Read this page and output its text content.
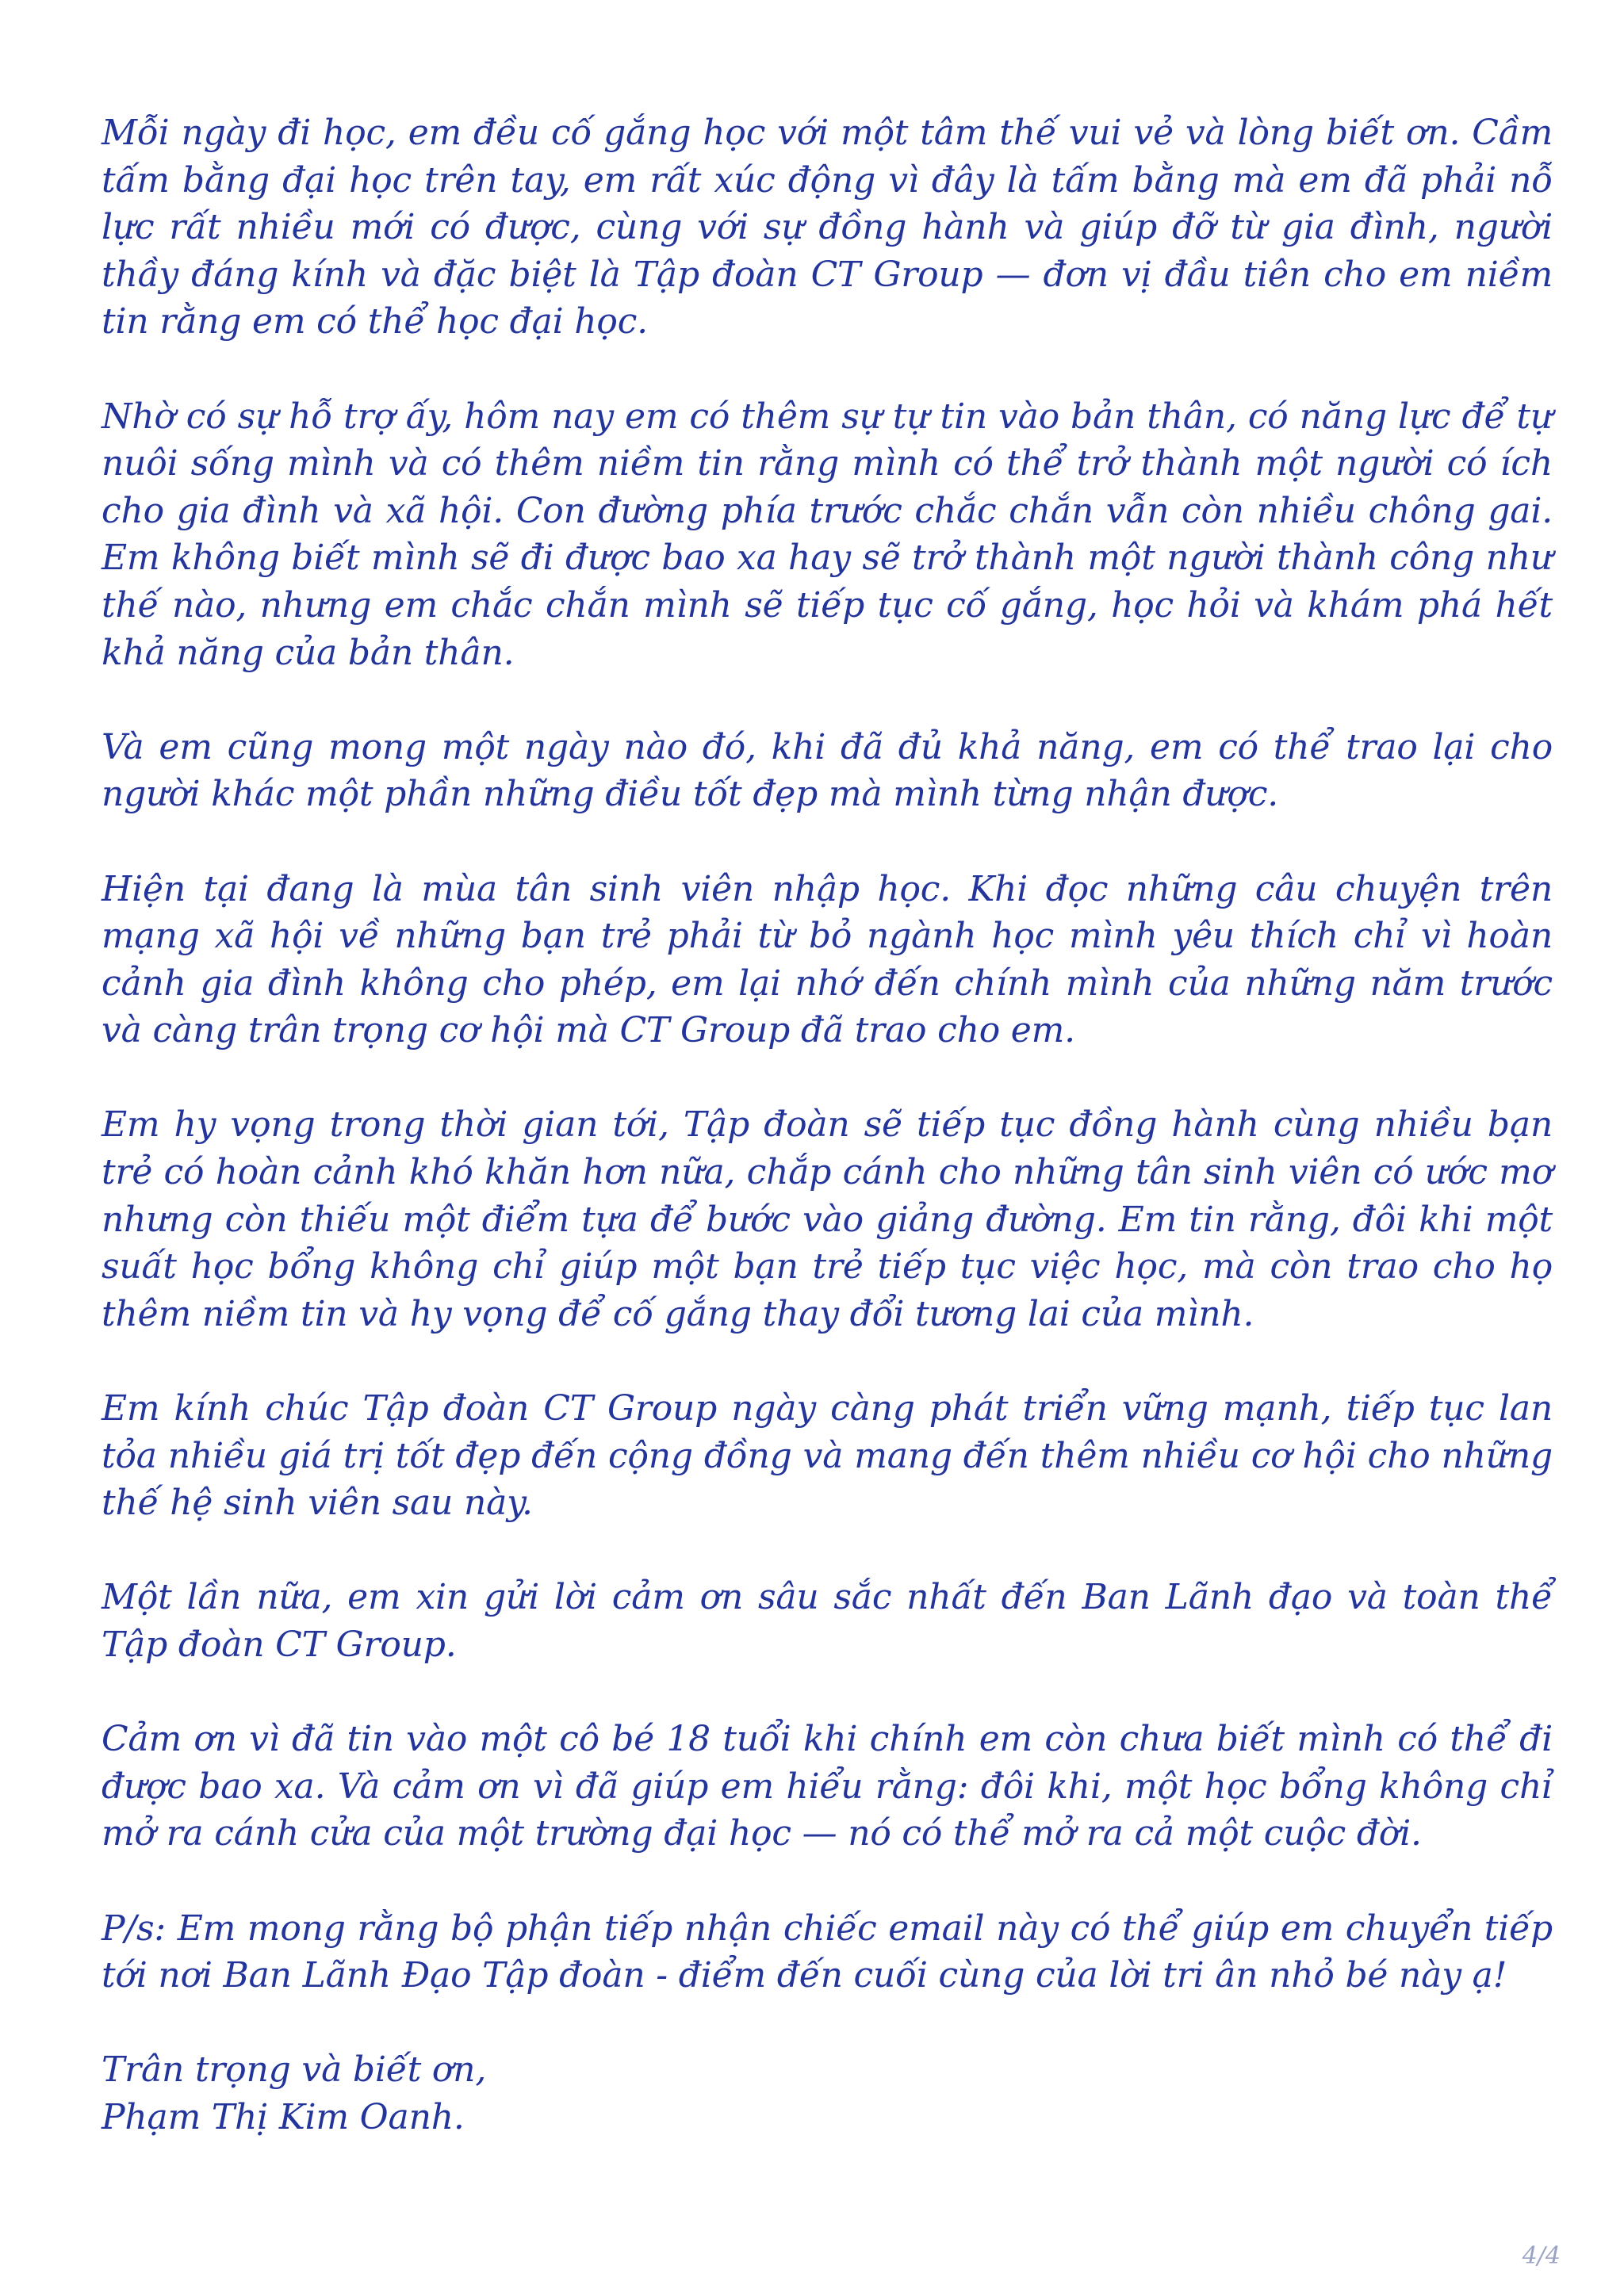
Mỗi ngày đi học, em đều cố gắng học với một tâm thế vui vẻ và lòng biết ơn. Cầm tấm bằng đại học trên tay, em rất xúc động vì đây là tấm bằng mà em đã phải nỗ lực rất nhiều mới có được, cùng với sự đồng hành và giúp đỡ từ gia đình, người thầy đáng kính và đặc biệt là Tập đoàn CT Group — đơn vị đầu tiên cho em niềm tin rằng em có thể học đại học.

Nhờ có sự hỗ trợ ấy, hôm nay em có thêm sự tự tin vào bản thân, có năng lực để tự nuôi sống mình và có thêm niềm tin rằng mình có thể trở thành một người có ích cho gia đình và xã hội. Con đường phía trước chắc chắn vẫn còn nhiều chông gai. Em không biết mình sẽ đi được bao xa hay sẽ trở thành một người thành công như thế nào, nhưng em chắc chắn mình sẽ tiếp tục cố gắng, học hỏi và khám phá hết khả năng của bản thân.

Và em cũng mong một ngày nào đó, khi đã đủ khả năng, em có thể trao lại cho người khác một phần những điều tốt đẹp mà mình từng nhận được.

Hiện tại đang là mùa tân sinh viên nhập học. Khi đọc những câu chuyện trên mạng xã hội về những bạn trẻ phải từ bỏ ngành học mình yêu thích chỉ vì hoàn cảnh gia đình không cho phép, em lại nhớ đến chính mình của những năm trước và càng trân trọng cơ hội mà CT Group đã trao cho em.

Em hy vọng trong thời gian tới, Tập đoàn sẽ tiếp tục đồng hành cùng nhiều bạn trẻ có hoàn cảnh khó khăn hơn nữa, chắp cánh cho những tân sinh viên có ước mơ nhưng còn thiếu một điểm tựa để bước vào giảng đường. Em tin rằng, đôi khi một suất học bổng không chỉ giúp một bạn trẻ tiếp tục việc học, mà còn trao cho họ thêm niềm tin và hy vọng để cố gắng thay đổi tương lai của mình.

Em kính chúc Tập đoàn CT Group ngày càng phát triển vững mạnh, tiếp tục lan tỏa nhiều giá trị tốt đẹp đến cộng đồng và mang đến thêm nhiều cơ hội cho những thế hệ sinh viên sau này.

Một lần nữa, em xin gửi lời cảm ơn sâu sắc nhất đến Ban Lãnh đạo và toàn thể Tập đoàn CT Group.

Cảm ơn vì đã tin vào một cô bé 18 tuổi khi chính em còn chưa biết mình có thể đi được bao xa. Và cảm ơn vì đã giúp em hiểu rằng: đôi khi, một học bổng không chỉ mở ra cánh cửa của một trường đại học — nó có thể mở ra cả một cuộc đời.

P/s: Em mong rằng bộ phận tiếp nhận chiếc email này có thể giúp em chuyển tiếp tới nơi Ban Lãnh Đạo Tập đoàn - điểm đến cuối cùng của lời tri ân nhỏ bé này ạ!

Trân trọng và biết ơn,
Phạm Thị Kim Oanh.

4/4
